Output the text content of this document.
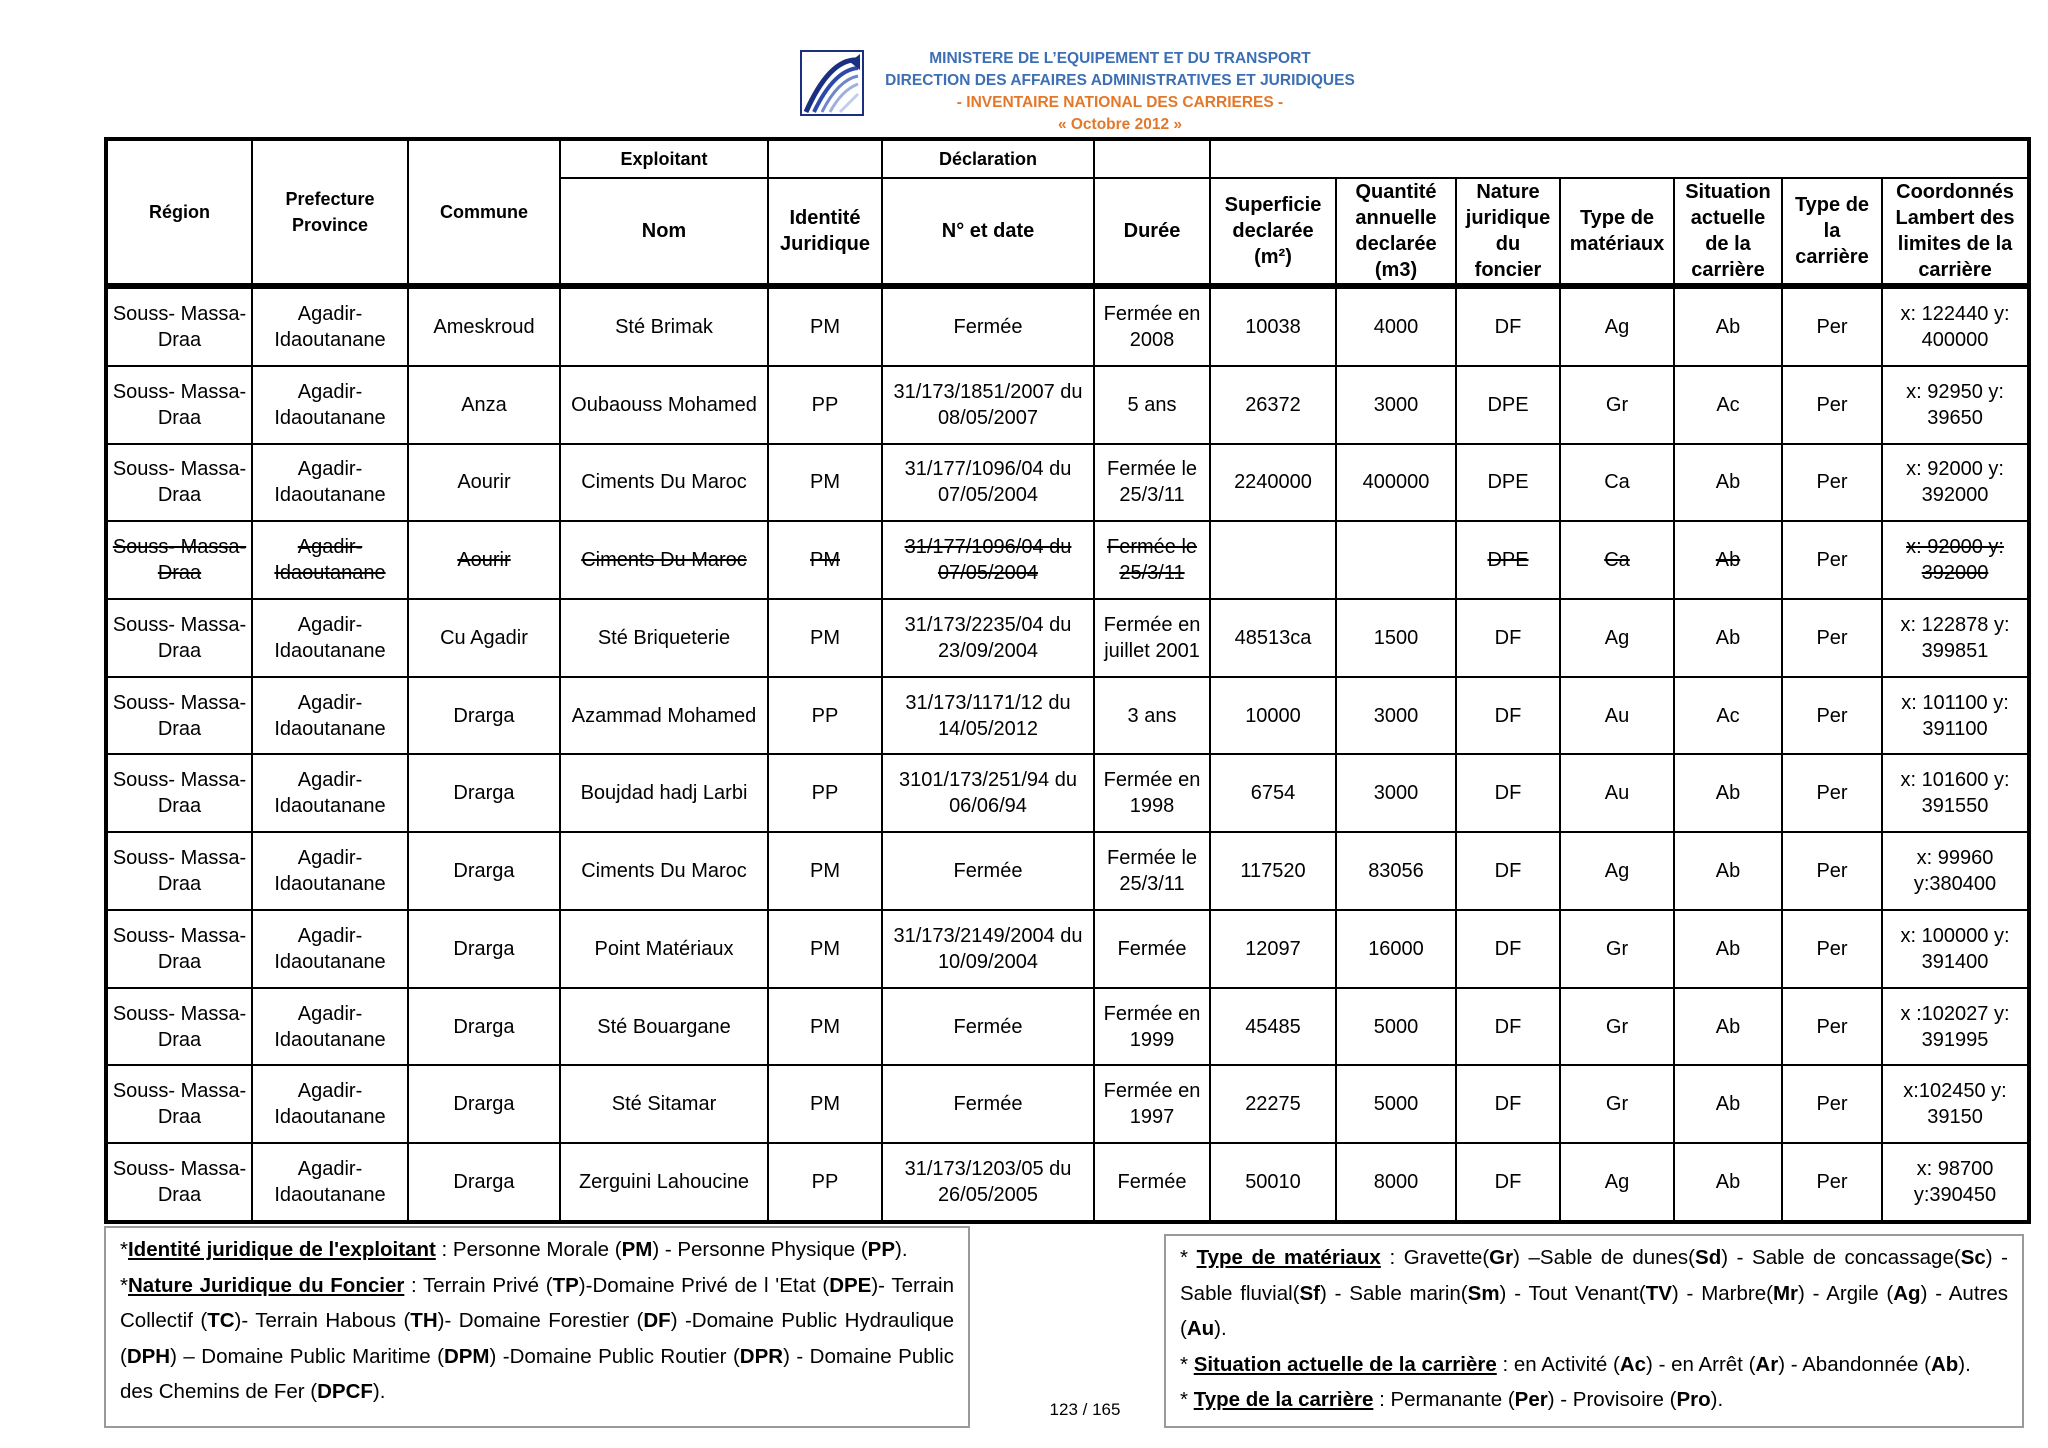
MINISTERE DE L’EQUIPEMENT ET DU TRANSPORT
DIRECTION DES AFFAIRES ADMINISTRATIVES ET JURIDIQUES
- INVENTAIRE NATIONAL DES CARRIERES -
« Octobre 2012 »
Région	Prefecture Province	Commune	Exploitant		Déclaration								
			Nom	Identité Juridique	N° et date	Durée	Superficie declarée (m²)	Quantité annuelle declarée (m3)	Nature juridique du foncier	Type de matériaux	Situation actuelle de la carrière	Type de la carrière	Coordonnés Lambert des limites de la carrière
Souss- Massa-Draa	Agadir-Idaoutanane	Ameskroud	Sté Brimak	PM	Fermée	Fermée en 2008	10038	4000	DF	Ag	Ab	Per	x: 122440 y: 400000
Souss- Massa-Draa	Agadir-Idaoutanane	Anza	Oubaouss Mohamed	PP	31/173/1851/2007 du 08/05/2007	5 ans	26372	3000	DPE	Gr	Ac	Per	x: 92950 y: 39650
Souss- Massa-Draa	Agadir-Idaoutanane	Aourir	Ciments Du Maroc	PM	31/177/1096/04 du 07/05/2004	Fermée le 25/3/11	2240000	400000	DPE	Ca	Ab	Per	x: 92000 y: 392000
Souss- Massa-Draa	Agadir-Idaoutanane	Aourir	Ciments Du Maroc	PM	31/177/1096/04 du 07/05/2004	Fermée le 25/3/11			DPE	Ca	Ab	Per	x: 92000 y: 392000
Souss- Massa-Draa	Agadir-Idaoutanane	Cu Agadir	Sté Briqueterie	PM	31/173/2235/04 du 23/09/2004	Fermée en juillet 2001	48513ca	1500	DF	Ag	Ab	Per	x: 122878 y: 399851
Souss- Massa-Draa	Agadir-Idaoutanane	Drarga	Azammad Mohamed	PP	31/173/1171/12 du 14/05/2012	3 ans	10000	3000	DF	Au	Ac	Per	x: 101100 y: 391100
Souss- Massa-Draa	Agadir-Idaoutanane	Drarga	Boujdad hadj Larbi	PP	3101/173/251/94 du 06/06/94	Fermée en 1998	6754	3000	DF	Au	Ab	Per	x: 101600 y: 391550
Souss- Massa-Draa	Agadir-Idaoutanane	Drarga	Ciments Du Maroc	PM	Fermée	Fermée le 25/3/11	117520	83056	DF	Ag	Ab	Per	x: 99960 y:380400
Souss- Massa-Draa	Agadir-Idaoutanane	Drarga	Point Matériaux	PM	31/173/2149/2004 du 10/09/2004	Fermée	12097	16000	DF	Gr	Ab	Per	x: 100000 y: 391400
Souss- Massa-Draa	Agadir-Idaoutanane	Drarga	Sté Bouargane	PM	Fermée	Fermée en 1999	45485	5000	DF	Gr	Ab	Per	x :102027 y: 391995
Souss- Massa-Draa	Agadir-Idaoutanane	Drarga	Sté Sitamar	PM	Fermée	Fermée en 1997	22275	5000	DF	Gr	Ab	Per	x:102450 y: 39150
Souss- Massa-Draa	Agadir-Idaoutanane	Drarga	Zerguini Lahoucine	PP	31/173/1203/05 du 26/05/2005	Fermée	50010	8000	DF	Ag	Ab	Per	x: 98700 y:390450

*Identité juridique de l'exploitant : Personne Morale (PM) - Personne Physique (PP).

*Nature Juridique du Foncier : Terrain Privé (TP)-Domaine Privé de l 'Etat (DPE)- Terrain Collectif (TC)- Terrain Habous (TH)- Domaine Forestier (DF) -Domaine Public Hydraulique (DPH) – Domaine Public Maritime (DPM) -Domaine Public Routier (DPR) - Domaine Public des Chemins de Fer (DPCF).

* Type de matériaux : Gravette(Gr) –Sable de dunes(Sd) - Sable de concassage(Sc) - Sable fluvial(Sf) - Sable marin(Sm) - Tout Venant(TV) - Marbre(Mr) - Argile (Ag) - Autres (Au).

* Situation actuelle de la carrière : en Activité (Ac) - en Arrêt (Ar) - Abandonnée (Ab).

* Type de la carrière : Permanante (Per) - Provisoire (Pro).

123 / 165
